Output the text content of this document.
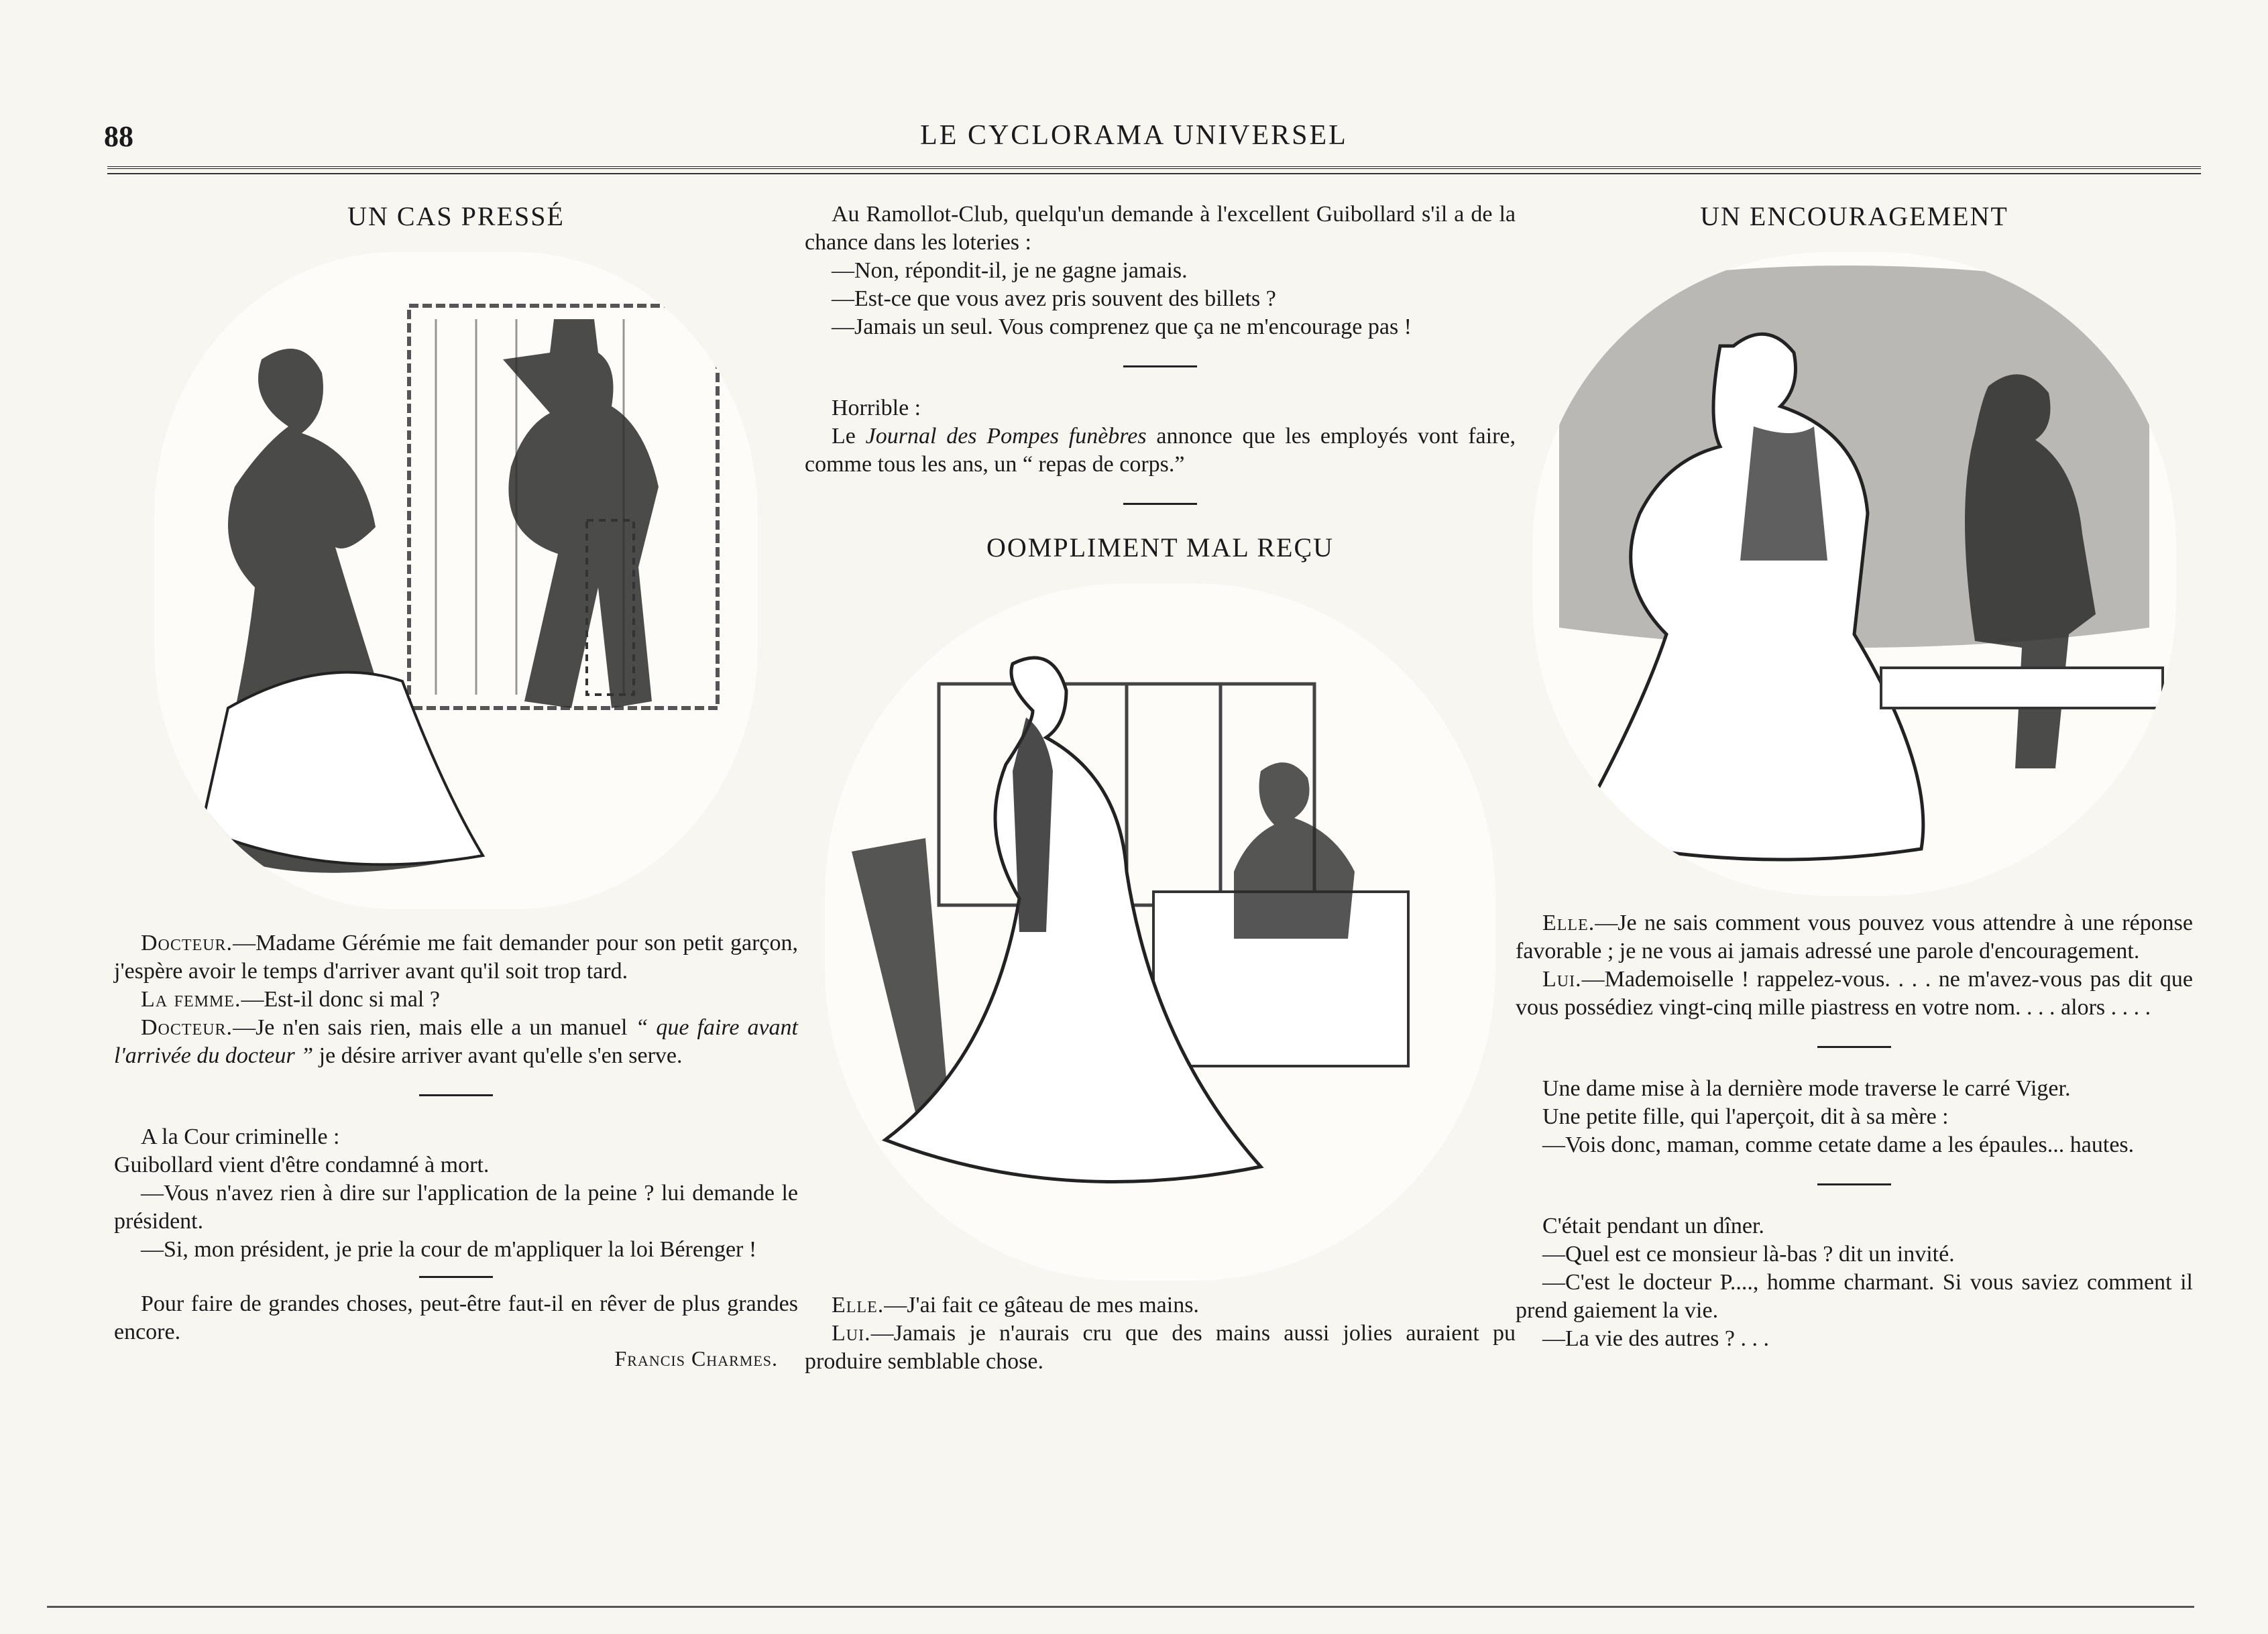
88	LE CYCLORAMA UNIVERSEL
UN CAS PRESSÉ

Docteur.—Madame Gérémie me fait demander pour son petit garçon, j'espère avoir le temps d'arriver avant qu'il soit trop tard.

La femme.—Est-il donc si mal ?

Docteur.—Je n'en sais rien, mais elle a un manuel “ que faire avant l'arrivée du docteur ” je désire arriver avant qu'elle s'en serve.

A la Cour criminelle :

Guibollard vient d'être condamné à mort.

—Vous n'avez rien à dire sur l'application de la peine ? lui demande le président.

—Si, mon président, je prie la cour de m'appliquer la loi Bérenger !

Pour faire de grandes choses, peut-être faut-il en rêver de plus grandes encore.

Francis Charmes.

Au Ramollot-Club, quelqu'un demande à l'excellent Guibollard s'il a de la chance dans les loteries :

—Non, répondit-il, je ne gagne jamais.

—Est-ce que vous avez pris souvent des billets ?

—Jamais un seul. Vous comprenez que ça ne m'encourage pas !

Horrible :

Le Journal des Pompes funèbres annonce que les employés vont faire, comme tous les ans, un “ repas de corps.”

OOMPLIMENT MAL REÇU

Elle.—J'ai fait ce gâteau de mes mains.

Lui.—Jamais je n'aurais cru que des mains aussi jolies auraient pu produire semblable chose.

UN ENCOURAGEMENT

Elle.—Je ne sais comment vous pouvez vous attendre à une réponse favorable ; je ne vous ai jamais adressé une parole d'encouragement.

Lui.—Mademoiselle ! rappelez-vous. . . . ne m'avez-vous pas dit que vous possédiez vingt-cinq mille piastress en votre nom. . . . alors . . . .

Une dame mise à la dernière mode traverse le carré Viger.

Une petite fille, qui l'aperçoit, dit à sa mère :

—Vois donc, maman, comme cetate dame a les épaules... hautes.

C'était pendant un dîner.

—Quel est ce monsieur là-bas ? dit un invité.

—C'est le docteur P...., homme charmant. Si vous saviez comment il prend gaiement la vie.

—La vie des autres ? . . .
